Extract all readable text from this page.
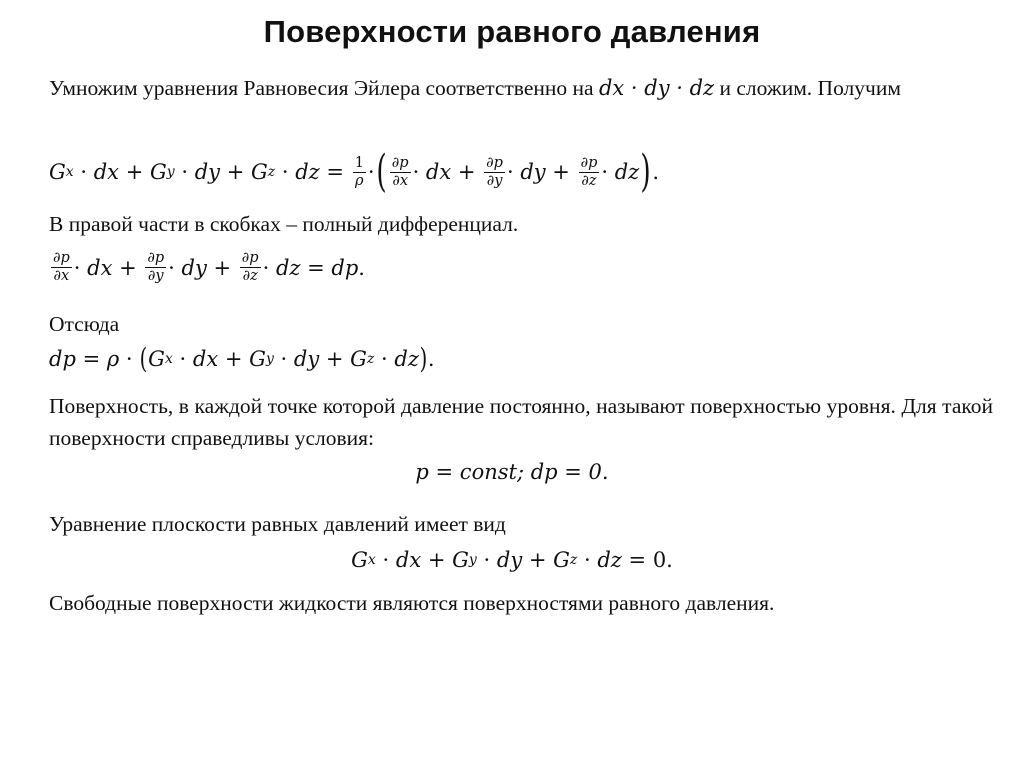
Поверхности равного давления
Умножим уравнения Равновесия Эйлера соответственно на dx · dy · dz и сложим. Получим
G x
· dx + G y
· dy + G z
· dz = $\frac{1}{\rho}$ · ( $\frac{\partial p}{\partial x}$ · dx + $\frac{\partial p}{\partial y}$ · dy + $\frac{\partial p}{\partial z}$ · dz ) .
В правой части в скобках – полный дифференциал.
$\frac{\partial p}{\partial x}$ · dx + $\frac{\partial p}{\partial y}$ · dy + $\frac{\partial p}{\partial z}$ · dz = dp .
Отсюда
dp = ρ · ( G x
· dx + G y
· dy + G z
· dz ) .
Поверхность, в каждой точке которой давление постоянно, называют поверхностью уровня. Для такой поверхности справедливы условия:
p = const; dp = 0.
Уравнение плоскости равных давлений имеет вид
G x
· dx + G y
· dy + G z
· dz = 0.
Свободные поверхности жидкости являются поверхностями равного давления.
